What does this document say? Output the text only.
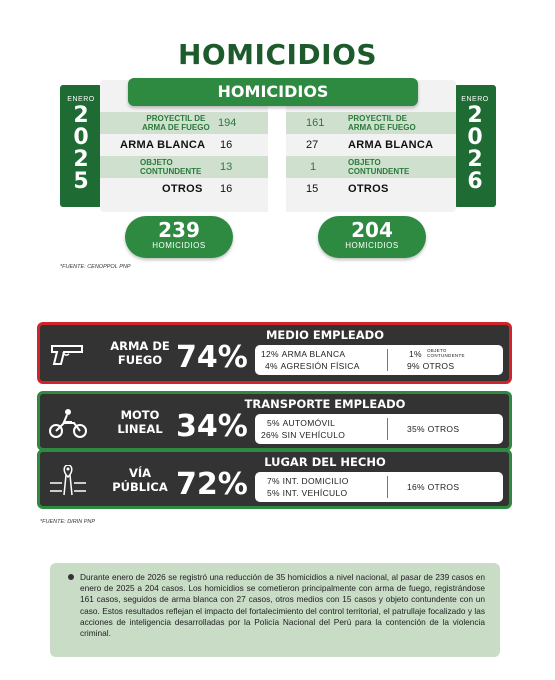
HOMICIDIOS
ENERO
2
0
2
5
ENERO
2
0
2
6
PROYECTIL DE
ARMA DE FUEGO 194
ARMA BLANCA 16
OBJETO
CONTUNDENTE 13
OTROS 16
161	PROYECTIL DE
ARMA DE FUEGO
27	ARMA BLANCA
1	OBJETO
CONTUNDENTE
15	OTROS
HOMICIDIOS
239
HOMICIDIOS
204
HOMICIDIOS
*FUENTE: CENOPPOL PNP
MEDIO EMPLEADO
ARMA DE
FUEGO 74% 12% ARMA BLANCA
4% AGRESIÓN FÍSICA
1% OBJETO
CONTUNDENTE
9% OTROS
TRANSPORTE EMPLEADO
MOTO
LINEAL 34% 5% AUTOMÓVIL
26% SIN VEHÍCULO
35% OTROS
LUGAR DEL HECHO
VÍA
PÚBLICA 72% 7% INT. DOMICILIO
5% INT. VEHÍCULO
16% OTROS
*FUENTE: DIRIN PNP
Durante enero de 2026 se registró una reducción de 35 homicidios a nivel nacional, al pasar de 239 casos en enero de 2025 a 204 casos. Los homicidios se cometieron principalmente con arma de fuego, registrándose 161 casos, seguidos de arma blanca con 27 casos, otros medios con 15 casos y objeto contundente con un caso. Estos resultados reflejan el impacto del fortalecimiento del control territorial, el patrullaje focalizado y las acciones de inteligencia desarrolladas por la Policía Nacional del Perú para la contención de la violencia criminal.
